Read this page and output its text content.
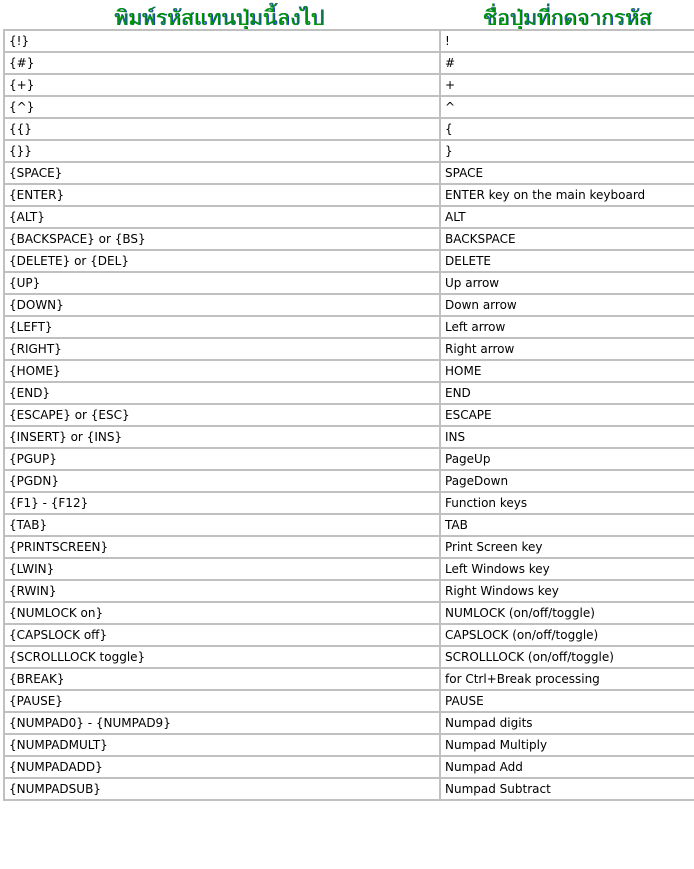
พิมพ์รหัสแทนปุ่มนี้ลงไป	ชื่อปุ่มที่กดจากรหัส
{!}	!
{#}	#
{+}	+
{^}	^
{{}	{
{}}	}
{SPACE}	SPACE
{ENTER}	ENTER key on the main keyboard
{ALT}	ALT
{BACKSPACE} or {BS}	BACKSPACE
{DELETE} or {DEL}	DELETE
{UP}	Up arrow
{DOWN}	Down arrow
{LEFT}	Left arrow
{RIGHT}	Right arrow
{HOME}	HOME
{END}	END
{ESCAPE} or {ESC}	ESCAPE
{INSERT} or {INS}	INS
{PGUP}	PageUp
{PGDN}	PageDown
{F1} - {F12}	Function keys
{TAB}	TAB
{PRINTSCREEN}	Print Screen key
{LWIN}	Left Windows key
{RWIN}	Right Windows key
{NUMLOCK on}	NUMLOCK (on/off/toggle)
{CAPSLOCK off}	CAPSLOCK (on/off/toggle)
{SCROLLLOCK toggle}	SCROLLLOCK (on/off/toggle)
{BREAK}	for Ctrl+Break processing
{PAUSE}	PAUSE
{NUMPAD0} - {NUMPAD9}	Numpad digits
{NUMPADMULT}	Numpad Multiply
{NUMPADADD}	Numpad Add
{NUMPADSUB}	Numpad Subtract
